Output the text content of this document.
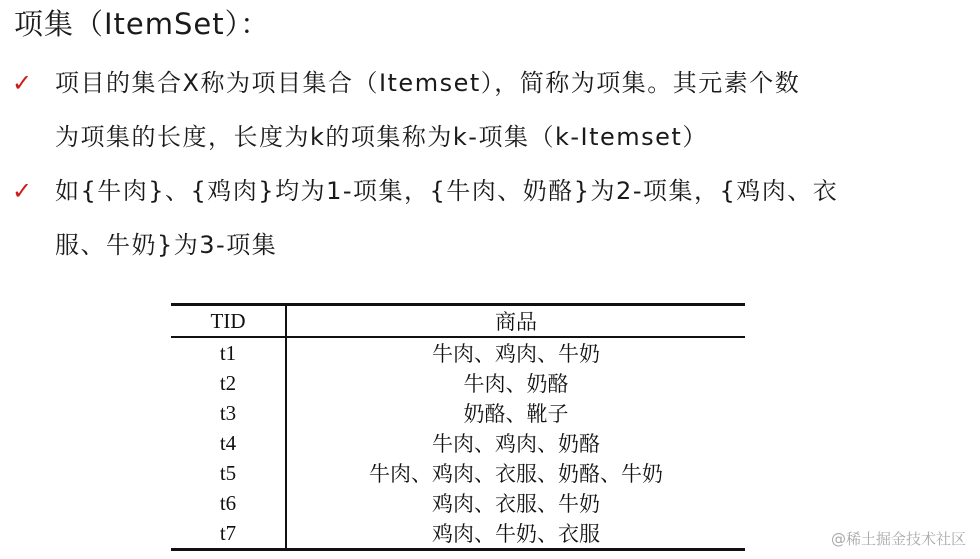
项集（ItemSet）：
✓ 项目的集合X称为项目集合（Itemset），简称为项集。其元素个数
为项集的长度，长度为k的项集称为k-项集（k-Itemset）
✓ 如{牛肉}、{鸡肉}均为1-项集，{牛肉、奶酪}为2-项集，{鸡肉、衣
服、牛奶}为3-项集
TID	商品
t1	牛肉、鸡肉、牛奶
t2	牛肉、奶酪
t3	奶酪、靴子
t4	牛肉、鸡肉、奶酪
t5	牛肉、鸡肉、衣服、奶酪、牛奶
t6	鸡肉、衣服、牛奶
t7	鸡肉、牛奶、衣服	@稀土掘金技术社区
